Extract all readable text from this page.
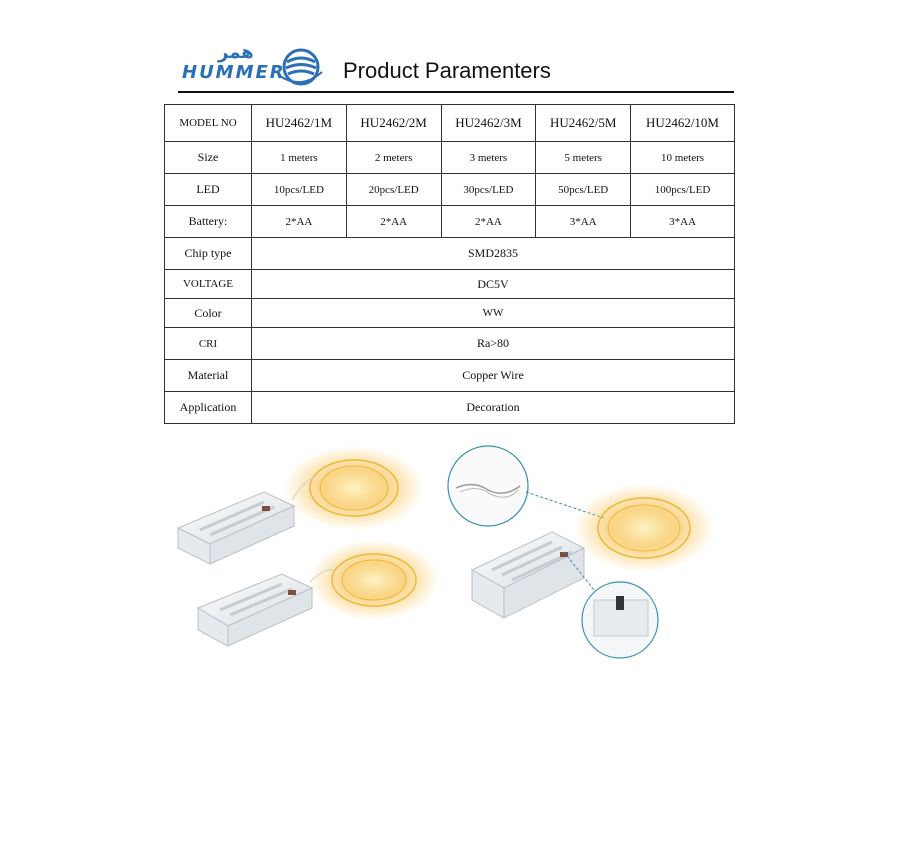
همر
HUMMER	Product Paramenters
MODEL NO	HU2462/1M	HU2462/2M	HU2462/3M	HU2462/5M	HU2462/10M
Size	1 meters	2 meters	3 meters	5 meters	10 meters
LED	10pcs/LED	20pcs/LED	30pcs/LED	50pcs/LED	100pcs/LED
Battery:	2*AA	2*AA	2*AA	3*AA	3*AA
Chip type	SMD2835				
VOLTAGE	DC5V				
Color	WW				
CRI	Ra>80				
Material	Copper Wire				
Application	Decoration				
